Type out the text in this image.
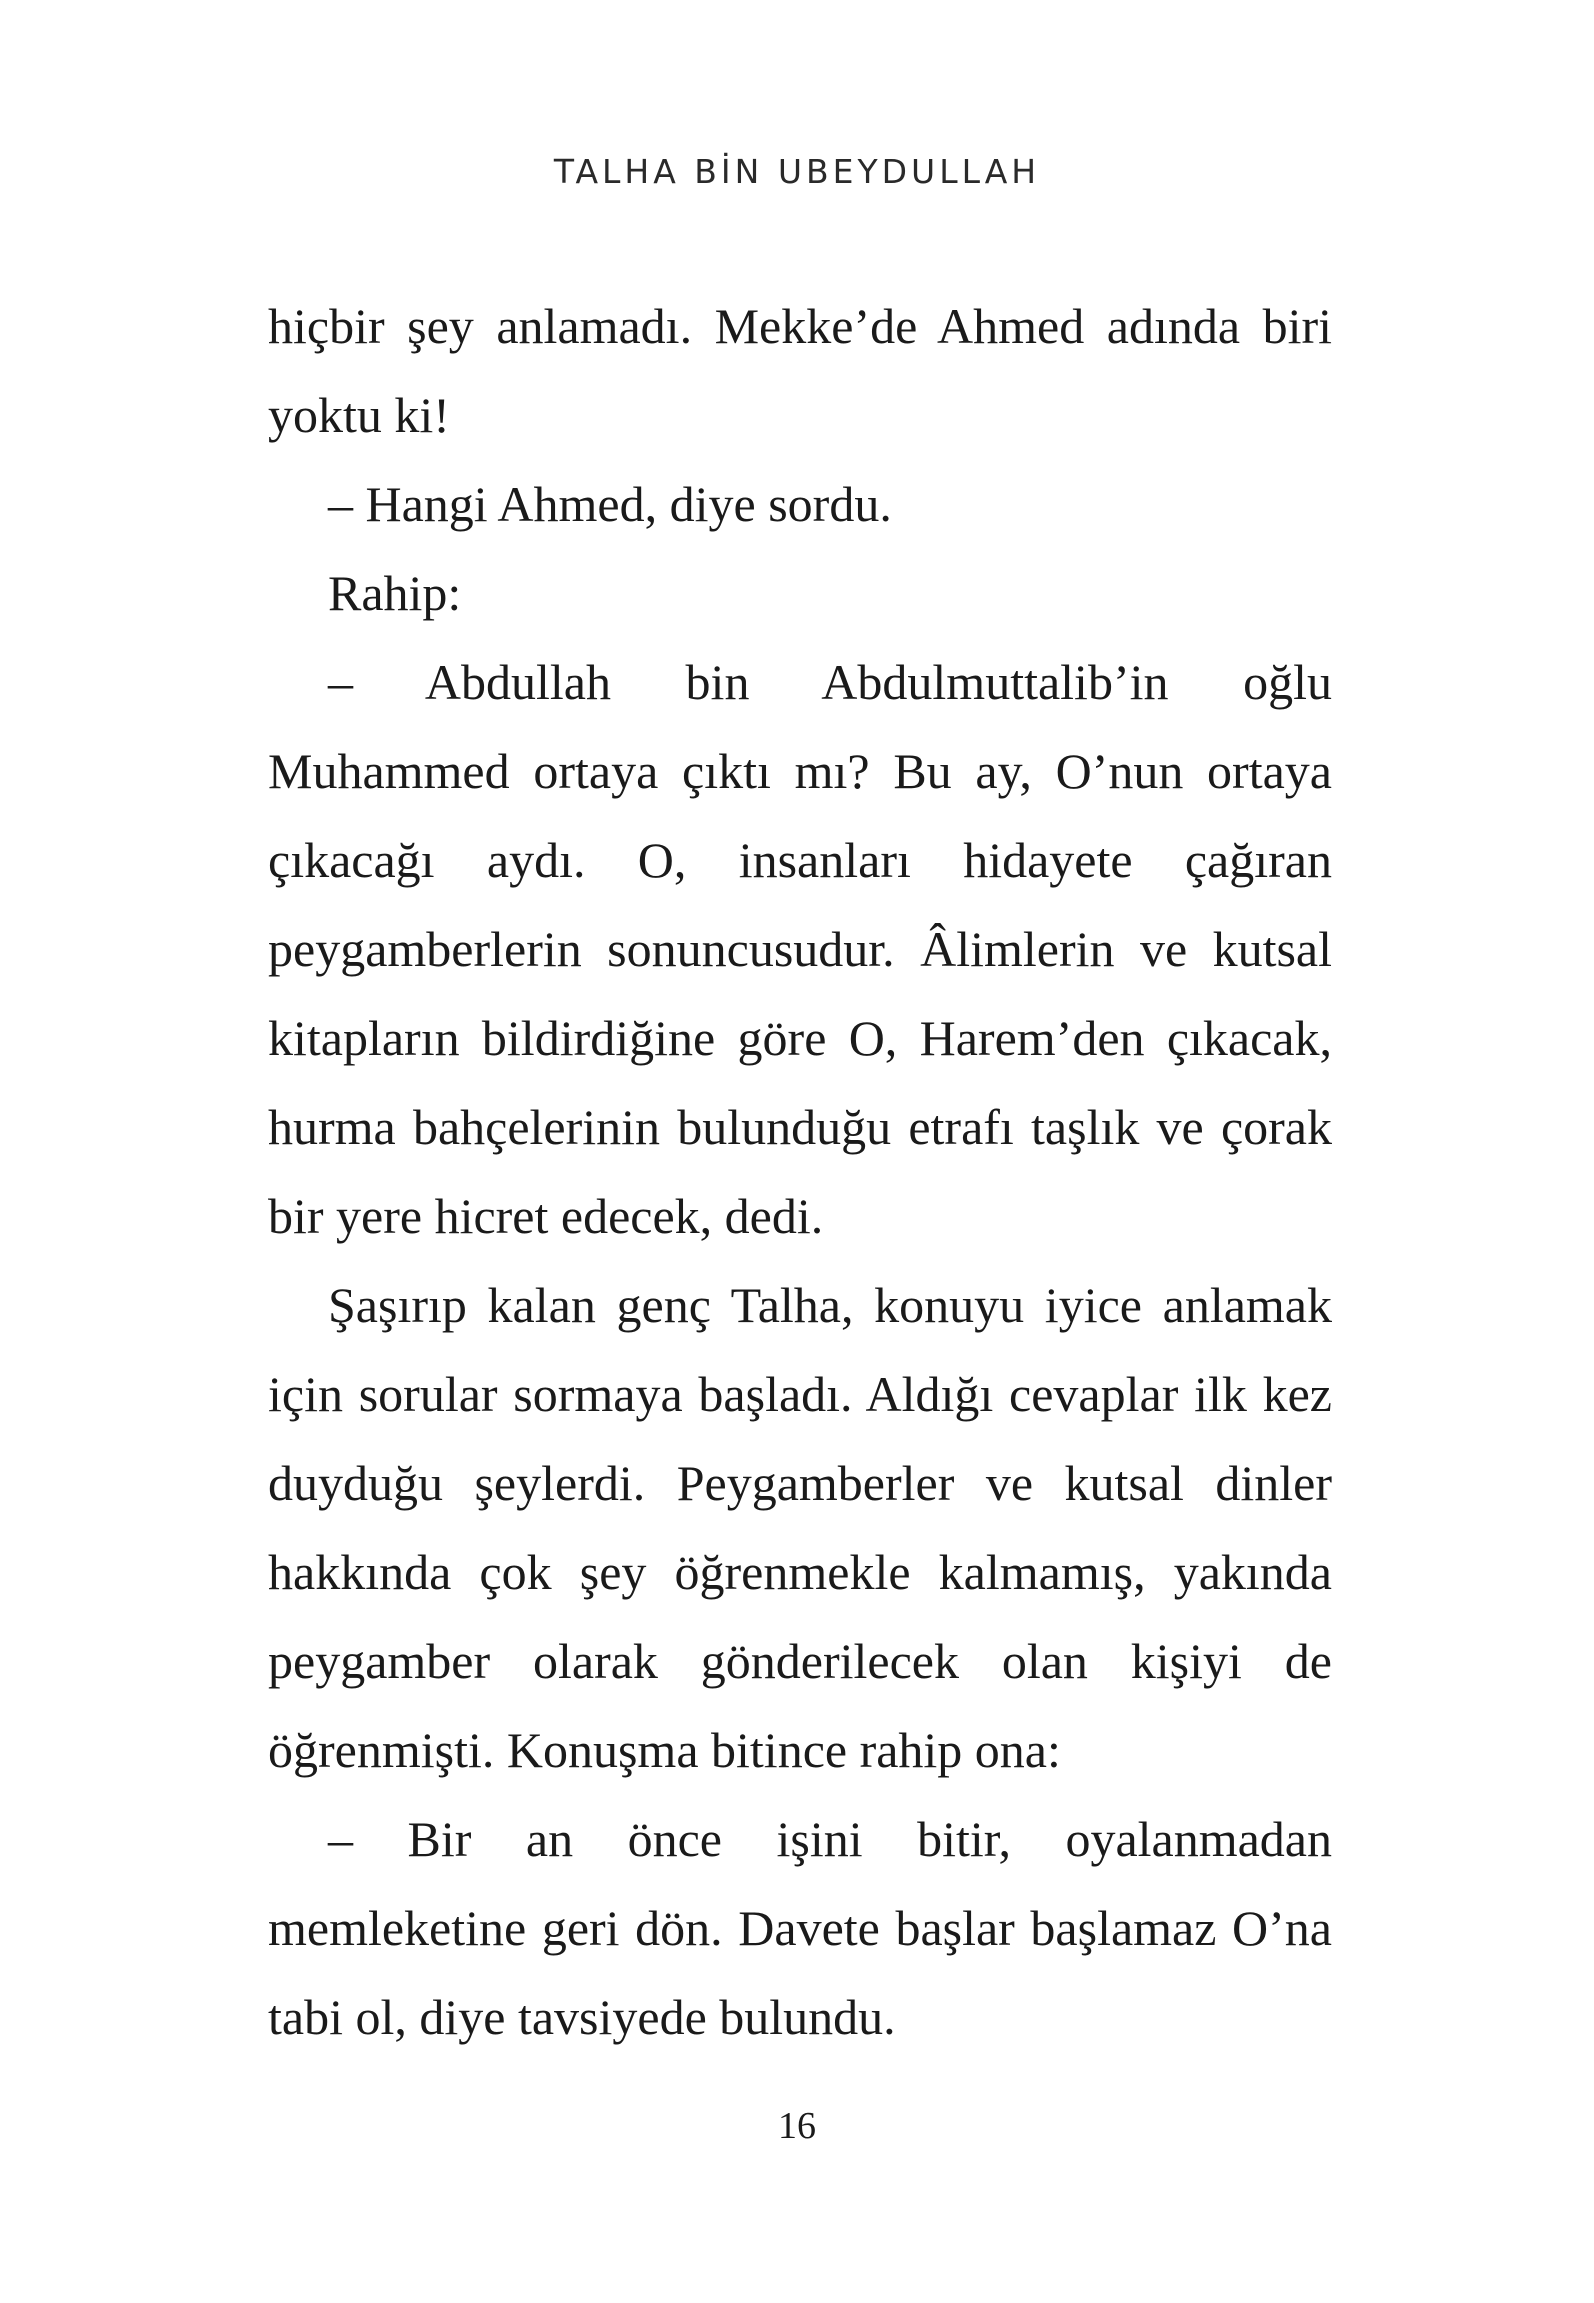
TALHA BİN UBEYDULLAH

hiçbir şey anlamadı. Mekke’de Ahmed adında biri yoktu ki!

– Hangi Ahmed, diye sordu.

Rahip:

– Abdullah bin Abdulmuttalib’in oğlu Muhammed ortaya çıktı mı? Bu ay, O’nun ortaya çıkacağı aydı. O, insanları hidayete çağıran peygamberlerin sonuncusudur. Âlimlerin ve kutsal kitapların bildirdiğine göre O, Harem’den çıkacak, hurma bahçelerinin bulunduğu etrafı taşlık ve çorak bir yere hicret edecek, dedi.

Şaşırıp kalan genç Talha, konuyu iyice anlamak için sorular sormaya başladı. Aldığı cevaplar ilk kez duyduğu şeylerdi. Peygamberler ve kutsal dinler hakkında çok şey öğrenmekle kalmamış, yakında peygamber olarak gönderilecek olan kişiyi de öğrenmişti. Konuşma bitince rahip ona:

– Bir an önce işini bitir, oyalanmadan memleketine geri dön. Davete başlar başlamaz O’na tabi ol, diye tavsiyede bulundu.

16
